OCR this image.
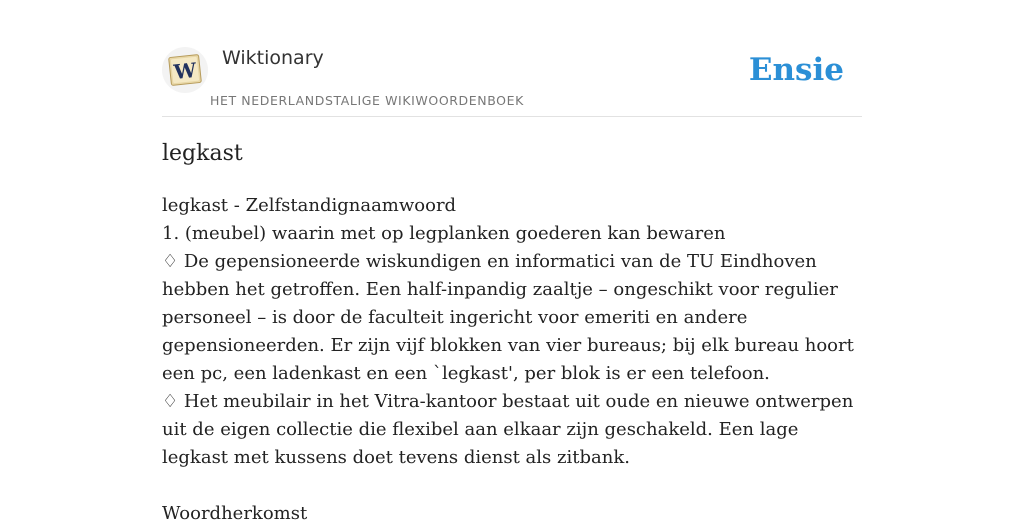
W Wiktionary
HET NEDERLANDSTALIGE WIKIWOORDENBOEK
Ensie
legkast

legkast - Zelfstandignaamwoord

1. (meubel) waarin met op legplanken goederen kan bewaren

♢ De gepensioneerde wiskundigen en informatici van de TU Eindhoven hebben het getroffen. Een half-inpandig zaaltje – ongeschikt voor regulier personeel – is door de faculteit ingericht voor emeriti en andere gepensioneerden. Er zijn vijf blokken van vier bureaus; bij elk bureau hoort een pc, een ladenkast en een `legkast', per blok is er een telefoon.

♢ Het meubilair in het Vitra-kantoor bestaat uit oude en nieuwe ontwerpen uit de eigen collectie die flexibel aan elkaar zijn geschakeld. Een lage legkast met kussens doet tevens dienst als zitbank.

Woordherkomst
